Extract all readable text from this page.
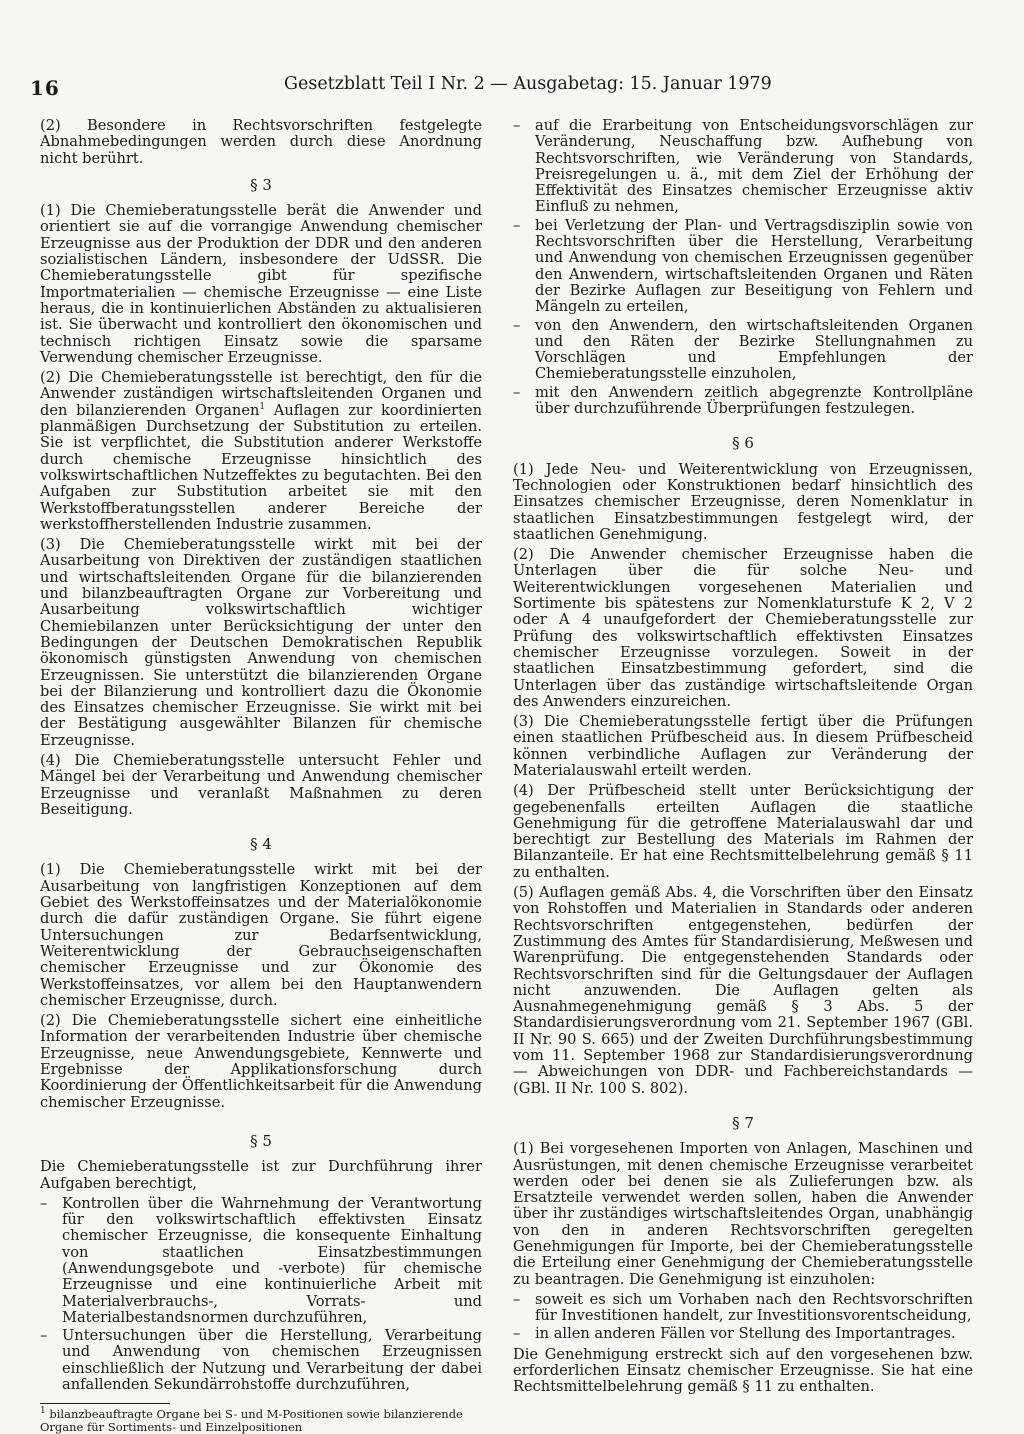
16	Gesetzblatt Teil I Nr. 2 — Ausgabetag: 15. Januar 1979

(2) Besondere in Rechtsvorschriften festgelegte Abnahmebedingungen werden durch diese Anordnung nicht berührt.

§ 3

(1) Die Chemieberatungsstelle berät die Anwender und orientiert sie auf die vorrangige Anwendung chemischer Erzeugnisse aus der Produktion der DDR und den anderen sozialistischen Ländern, insbesondere der UdSSR. Die Chemieberatungsstelle gibt für spezifische Importmaterialien — chemische Erzeugnisse — eine Liste heraus, die in kontinuierlichen Abständen zu aktualisieren ist. Sie überwacht und kontrolliert den ökonomischen und technisch richtigen Einsatz sowie die sparsame Verwendung chemischer Erzeugnisse.

(2) Die Chemieberatungsstelle ist berechtigt, den für die Anwender zuständigen wirtschaftsleitenden Organen und den bilanzierenden Organen$^1$ Auflagen zur koordinierten planmäßigen Durchsetzung der Substitution zu erteilen. Sie ist verpflichtet, die Substitution anderer Werkstoffe durch chemische Erzeugnisse hinsichtlich des volkswirtschaftlichen Nutzeffektes zu begutachten. Bei den Aufgaben zur Substitution arbeitet sie mit den Werkstoffberatungsstellen anderer Bereiche der werkstoffherstellenden Industrie zusammen.

(3) Die Chemieberatungsstelle wirkt mit bei der Ausarbeitung von Direktiven der zuständigen staatlichen und wirtschaftsleitenden Organe für die bilanzierenden und bilanzbeauftragten Organe zur Vorbereitung und Ausarbeitung volkswirtschaftlich wichtiger Chemiebilanzen unter Berücksichtigung der unter den Bedingungen der Deutschen Demokratischen Republik ökonomisch günstigsten Anwendung von chemischen Erzeugnissen. Sie unterstützt die bilanzierenden Organe bei der Bilanzierung und kontrolliert dazu die Ökonomie des Einsatzes chemischer Erzeugnisse. Sie wirkt mit bei der Bestätigung ausgewählter Bilanzen für chemische Erzeugnisse.

(4) Die Chemieberatungsstelle untersucht Fehler und Mängel bei der Verarbeitung und Anwendung chemischer Erzeugnisse und veranlaßt Maßnahmen zu deren Beseitigung.

§ 4

(1) Die Chemieberatungsstelle wirkt mit bei der Ausarbeitung von langfristigen Konzeptionen auf dem Gebiet des Werkstoffeinsatzes und der Materialökonomie durch die dafür zuständigen Organe. Sie führt eigene Untersuchungen zur Bedarfsentwicklung, Weiterentwicklung der Gebrauchseigenschaften chemischer Erzeugnisse und zur Ökonomie des Werkstoffeinsatzes, vor allem bei den Hauptanwendern chemischer Erzeugnisse, durch.

(2) Die Chemieberatungsstelle sichert eine einheitliche Information der verarbeitenden Industrie über chemische Erzeugnisse, neue Anwendungsgebiete, Kennwerte und Ergebnisse der Applikationsforschung durch Koordinierung der Öffentlichkeitsarbeit für die Anwendung chemischer Erzeugnisse.

§ 5

Die Chemieberatungsstelle ist zur Durchführung ihrer Aufgaben berechtigt,

– Kontrollen über die Wahrnehmung der Verantwortung für den volkswirtschaftlich effektivsten Einsatz chemischer Erzeugnisse, die konsequente Einhaltung von staatlichen Einsatzbestimmungen (Anwendungsgebote und -verbote) für chemische Erzeugnisse und eine kontinuierliche Arbeit mit Materialverbrauchs-, Vorrats- und Materialbestandsnormen durchzuführen,
– Untersuchungen über die Herstellung, Verarbeitung und Anwendung von chemischen Erzeugnissen einschließlich der Nutzung und Verarbeitung der dabei anfallenden Sekundärrohstoffe durchzuführen,
$^1$ bilanzbeauftragte Organe bei S- und M-Positionen sowie bilanzierende Organe für Sortiments- und Einzelpositionen
– auf die Erarbeitung von Entscheidungsvorschlägen zur Veränderung, Neuschaffung bzw. Aufhebung von Rechtsvorschriften, wie Veränderung von Standards, Preisregelungen u. ä., mit dem Ziel der Erhöhung der Effektivität des Einsatzes chemischer Erzeugnisse aktiv Einfluß zu nehmen,
– bei Verletzung der Plan- und Vertragsdisziplin sowie von Rechtsvorschriften über die Herstellung, Verarbeitung und Anwendung von chemischen Erzeugnissen gegenüber den Anwendern, wirtschaftsleitenden Organen und Räten der Bezirke Auflagen zur Beseitigung von Fehlern und Mängeln zu erteilen,
– von den Anwendern, den wirtschaftsleitenden Organen und den Räten der Bezirke Stellungnahmen zu Vorschlägen und Empfehlungen der Chemieberatungsstelle einzuholen,
– mit den Anwendern zeitlich abgegrenzte Kontrollpläne über durchzuführende Überprüfungen festzulegen.
§ 6

(1) Jede Neu- und Weiterentwicklung von Erzeugnissen, Technologien oder Konstruktionen bedarf hinsichtlich des Einsatzes chemischer Erzeugnisse, deren Nomenklatur in staatlichen Einsatzbestimmungen festgelegt wird, der staatlichen Genehmigung.

(2) Die Anwender chemischer Erzeugnisse haben die Unterlagen über die für solche Neu- und Weiterentwicklungen vorgesehenen Materialien und Sortimente bis spätestens zur Nomenklaturstufe K 2, V 2 oder A 4 unaufgefordert der Chemieberatungsstelle zur Prüfung des volkswirtschaftlich effektivsten Einsatzes chemischer Erzeugnisse vorzulegen. Soweit in der staatlichen Einsatzbestimmung gefordert, sind die Unterlagen über das zuständige wirtschaftsleitende Organ des Anwenders einzureichen.

(3) Die Chemieberatungsstelle fertigt über die Prüfungen einen staatlichen Prüfbescheid aus. In diesem Prüfbescheid können verbindliche Auflagen zur Veränderung der Materialauswahl erteilt werden.

(4) Der Prüfbescheid stellt unter Berücksichtigung der gegebenenfalls erteilten Auflagen die staatliche Genehmigung für die getroffene Materialauswahl dar und berechtigt zur Bestellung des Materials im Rahmen der Bilanzanteile. Er hat eine Rechtsmittelbelehrung gemäß § 11 zu enthalten.

(5) Auflagen gemäß Abs. 4, die Vorschriften über den Einsatz von Rohstoffen und Materialien in Standards oder anderen Rechtsvorschriften entgegenstehen, bedürfen der Zustimmung des Amtes für Standardisierung, Meßwesen und Warenprüfung. Die entgegenstehenden Standards oder Rechtsvorschriften sind für die Geltungsdauer der Auflagen nicht anzuwenden. Die Auflagen gelten als Ausnahmegenehmigung gemäß § 3 Abs. 5 der Standardisierungsverordnung vom 21. September 1967 (GBl. II Nr. 90 S. 665) und der Zweiten Durchführungsbestimmung vom 11. September 1968 zur Standardisierungsverordnung — Abweichungen von DDR- und Fachbereichstandards — (GBl. II Nr. 100 S. 802).

§ 7

(1) Bei vorgesehenen Importen von Anlagen, Maschinen und Ausrüstungen, mit denen chemische Erzeugnisse verarbeitet werden oder bei denen sie als Zulieferungen bzw. als Ersatzteile verwendet werden sollen, haben die Anwender über ihr zuständiges wirtschaftsleitendes Organ, unabhängig von den in anderen Rechtsvorschriften geregelten Genehmigungen für Importe, bei der Chemieberatungsstelle die Erteilung einer Genehmigung der Chemieberatungsstelle zu beantragen. Die Genehmigung ist einzuholen:

– soweit es sich um Vorhaben nach den Rechtsvorschriften für Investitionen handelt, zur Investitionsvorentscheidung,
– in allen anderen Fällen vor Stellung des Importantrages.

Die Genehmigung erstreckt sich auf den vorgesehenen bzw. erforderlichen Einsatz chemischer Erzeugnisse. Sie hat eine Rechtsmittelbelehrung gemäß § 11 zu enthalten.
